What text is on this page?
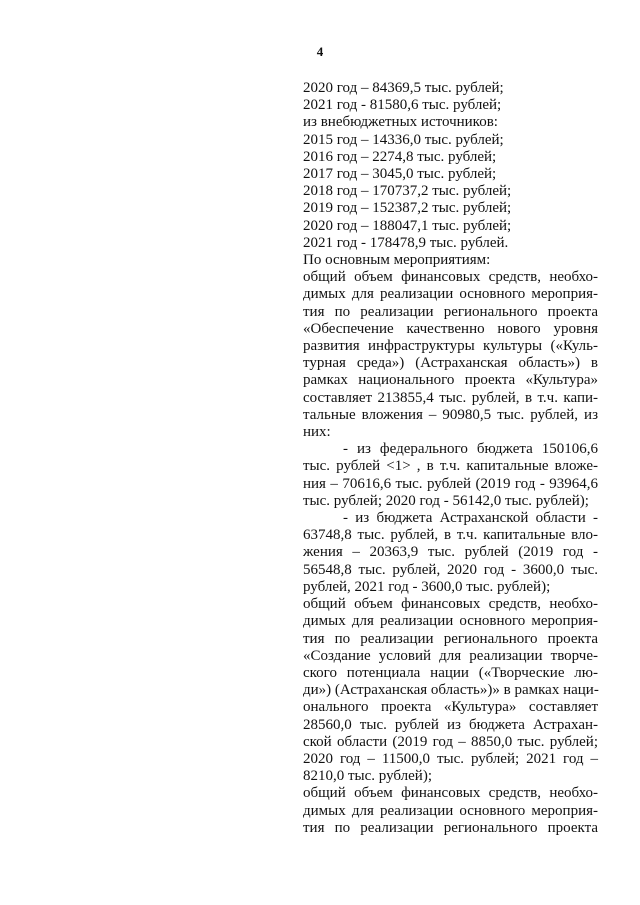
4
2020 год – 84369,5 тыс. рублей;
2021 год - 81580,6 тыс. рублей;
из внебюджетных источников:
2015 год – 14336,0 тыс. рублей;
2016 год – 2274,8 тыс. рублей;
2017 год – 3045,0 тыс. рублей;
2018 год – 170737,2 тыс. рублей;
2019 год – 152387,2 тыс. рублей;
2020 год – 188047,1 тыс. рублей;
2021 год - 178478,9 тыс. рублей.
По основным мероприятиям:
общий объем финансовых средств, необхо-
димых для реализации основного мероприя-
тия по реализации регионального проекта
«Обеспечение качественно нового уровня
развития инфраструктуры культуры («Куль-
турная среда») (Астраханская область») в
рамках национального проекта «Культура»
составляет 213855,4 тыс. рублей, в т.ч. капи-
тальные вложения – 90980,5 тыс. рублей, из
них:
- из федерального бюджета 150106,6
тыс. рублей <1> , в т.ч. капитальные вложе-
ния – 70616,6 тыс. рублей (2019 год - 93964,6
тыс. рублей; 2020 год - 56142,0 тыс. рублей);
- из бюджета Астраханской области -
63748,8 тыс. рублей, в т.ч. капитальные вло-
жения – 20363,9 тыс. рублей (2019 год -
56548,8 тыс. рублей, 2020 год - 3600,0 тыс.
рублей, 2021 год - 3600,0 тыс. рублей);
общий объем финансовых средств, необхо-
димых для реализации основного мероприя-
тия по реализации регионального проекта
«Создание условий для реализации творче-
ского потенциала нации («Творческие лю-
ди») (Астраханская область»)» в рамках нaци-
онального проекта «Культура» составляет
28560,0 тыс. рублей из бюджета Астрахан-
ской области (2019 год – 8850,0 тыс. рублей;
2020 год – 11500,0 тыс. рублей; 2021 год –
8210,0 тыс. рублей);
общий объем финансовых средств, необхо-
димых для реализации основного мероприя-
тия по реализации регионального проекта
